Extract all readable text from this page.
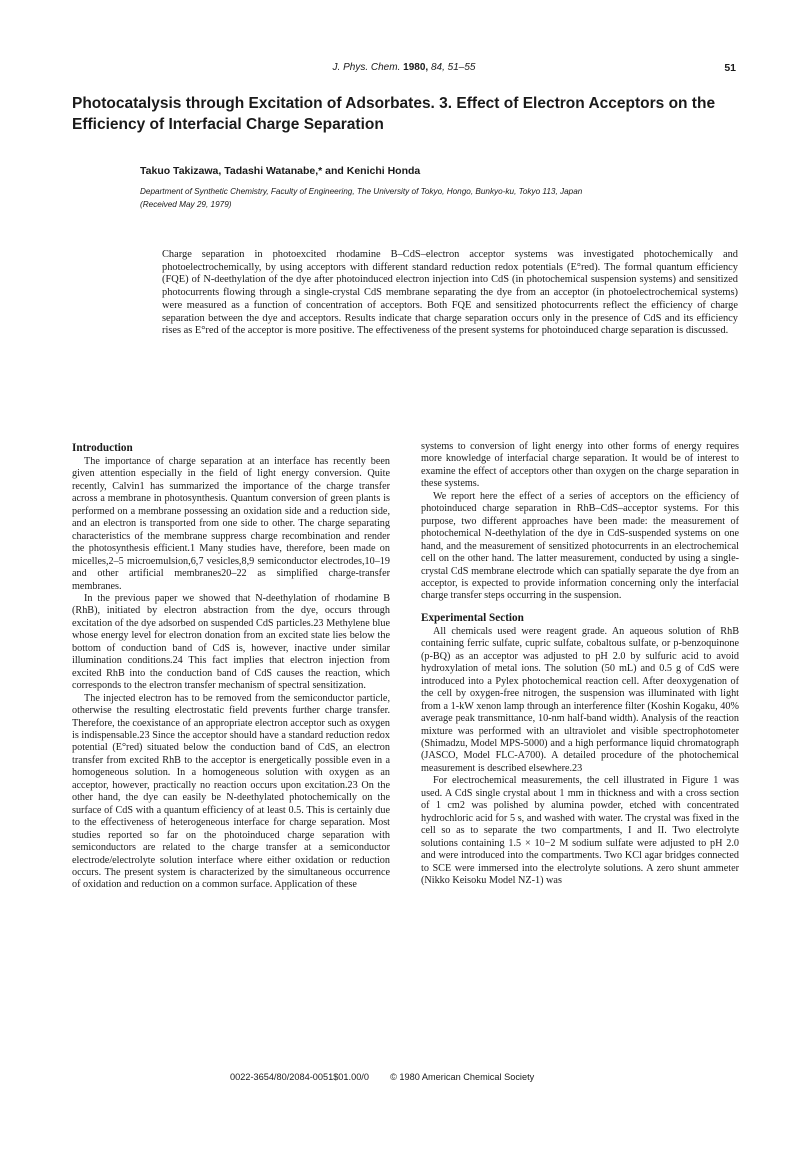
J. Phys. Chem. 1980, 84, 51–55	51
Photocatalysis through Excitation of Adsorbates. 3. Effect of Electron Acceptors on the Efficiency of Interfacial Charge Separation
Takuo Takizawa, Tadashi Watanabe,* and Kenichi Honda
Department of Synthetic Chemistry, Faculty of Engineering, The University of Tokyo, Hongo, Bunkyo-ku, Tokyo 113, Japan
(Received May 29, 1979)

Charge separation in photoexcited rhodamine B–CdS–electron acceptor systems was investigated photochemically and photoelectrochemically, by using acceptors with different standard reduction redox potentials (E°red). The formal quantum efficiency (FQE) of N-deethylation of the dye after photoinduced electron injection into CdS (in photochemical suspension systems) and sensitized photocurrents flowing through a single-crystal CdS membrane separating the dye from an acceptor (in photoelectrochemical systems) were measured as a function of concentration of acceptors. Both FQE and sensitized photocurrents reflect the efficiency of charge separation between the dye and acceptors. Results indicate that charge separation occurs only in the presence of CdS and its efficiency rises as E°red of the acceptor is more positive. The effectiveness of the present systems for photoinduced charge separation is discussed.

Introduction

The importance of charge separation at an interface has recently been given attention especially in the field of light energy conversion. Quite recently, Calvin1 has summarized the importance of the charge transfer across a membrane in photosynthesis. Quantum conversion of green plants is performed on a membrane possessing an oxidation side and a reduction side, and an electron is transported from one side to other. The charge separating characteristics of the membrane suppress charge recombination and render the photosynthesis efficient.1 Many studies have, therefore, been made on micelles,2–5 microemulsion,6,7 vesicles,8,9 semiconductor electrodes,10–19 and other artificial membranes20–22 as simplified charge-transfer membranes.

In the previous paper we showed that N-deethylation of rhodamine B (RhB), initiated by electron abstraction from the dye, occurs through excitation of the dye adsorbed on suspended CdS particles.23 Methylene blue whose energy level for electron donation from an excited state lies below the bottom of conduction band of CdS is, however, inactive under similar illumination conditions.24 This fact implies that electron injection from excited RhB into the conduction band of CdS causes the reaction, which corresponds to the electron transfer mechanism of spectral sensitization.

The injected electron has to be removed from the semiconductor particle, otherwise the resulting electrostatic field prevents further charge transfer. Therefore, the coexistance of an appropriate electron acceptor such as oxygen is indispensable.23 Since the acceptor should have a standard reduction redox potential (E°red) situated below the conduction band of CdS, an electron transfer from excited RhB to the acceptor is energetically possible even in a homogeneous solution. In a homogeneous solution with oxygen as an acceptor, however, practically no reaction occurs upon excitation.23 On the other hand, the dye can easily be N-deethylated photochemically on the surface of CdS with a quantum efficiency of at least 0.5. This is certainly due to the effectiveness of heterogeneous interface for charge separation. Most studies reported so far on the photoinduced charge separation with semiconductors are related to the charge transfer at a semiconductor electrode/electrolyte solution interface where either oxidation or reduction occurs. The present system is characterized by the simultaneous occurrence of oxidation and reduction on a common surface. Application of these

systems to conversion of light energy into other forms of energy requires more knowledge of interfacial charge separation. It would be of interest to examine the effect of acceptors other than oxygen on the charge separation in these systems.

We report here the effect of a series of acceptors on the efficiency of photoinduced charge separation in RhB–CdS–acceptor systems. For this purpose, two different approaches have been made: the measurement of photochemical N-deethylation of the dye in CdS-suspended systems on one hand, and the measurement of sensitized photocurrents in an electrochemical cell on the other hand. The latter measurement, conducted by using a single-crystal CdS membrane electrode which can spatially separate the dye from an acceptor, is expected to provide information concerning only the interfacial charge transfer steps occurring in the suspension.

Experimental Section

All chemicals used were reagent grade. An aqueous solution of RhB containing ferric sulfate, cupric sulfate, cobaltous sulfate, or p-benzoquinone (p-BQ) as an acceptor was adjusted to pH 2.0 by sulfuric acid to avoid hydroxylation of metal ions. The solution (50 mL) and 0.5 g of CdS were introduced into a Pylex photochemical reaction cell. After deoxygenation of the cell by oxygen-free nitrogen, the suspension was illuminated with light from a 1-kW xenon lamp through an interference filter (Koshin Kogaku, 40% average peak transmittance, 10-nm half-band width). Analysis of the reaction mixture was performed with an ultraviolet and visible spectrophotometer (Shimadzu, Model MPS-5000) and a high performance liquid chromatograph (JASCO, Model FLC-A700). A detailed procedure of the photochemical measurement is described elsewhere.23

For electrochemical measurements, the cell illustrated in Figure 1 was used. A CdS single crystal about 1 mm in thickness and with a cross section of 1 cm2 was polished by alumina powder, etched with concentrated hydrochloric acid for 5 s, and washed with water. The crystal was fixed in the cell so as to separate the two compartments, I and II. Two electrolyte solutions containing 1.5 × 10−2 M sodium sulfate were adjusted to pH 2.0 and were introduced into the compartments. Two KCl agar bridges connected to SCE were immersed into the electrolyte solutions. A zero shunt ammeter (Nikko Keisoku Model NZ-1) was

0022-3654/80/2084-0051$01.00/0 © 1980 American Chemical Society
